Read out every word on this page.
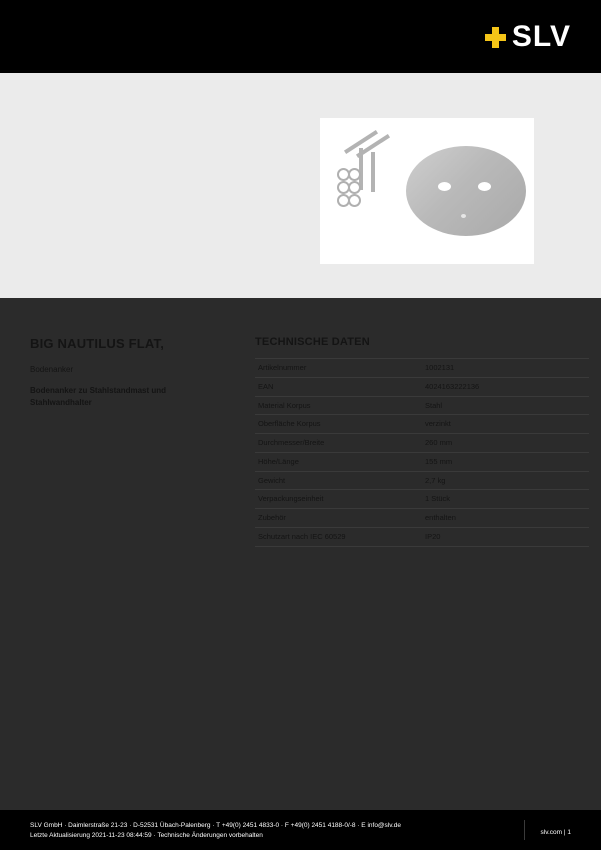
SLV
BIG NAUTILUS FLAT,
Bodenanker
Bodenanker zu Stahlstandmast und Stahlwandhalter
TECHNISCHE DATEN
Artikelnummer	1002131
EAN	4024163222136
Material Korpus	Stahl
Oberfläche Korpus	verzinkt
Durchmesser/Breite	260 mm
Höhe/Länge	155 mm
Gewicht	2,7 kg
Verpackungseinheit	1 Stück
Zubehör	enthalten
Schutzart nach IEC 60529	IP20
SLV GmbH · Daimlerstraße 21-23 · D-52531 Übach-Palenberg · T +49(0) 2451 4833-0 · F +49(0) 2451 4188-0/-8 · E info@slv.de
Letzte Aktualisierung 2021-11-23 08:44:59 · Technische Änderungen vorbehalten	slv.com | 1
